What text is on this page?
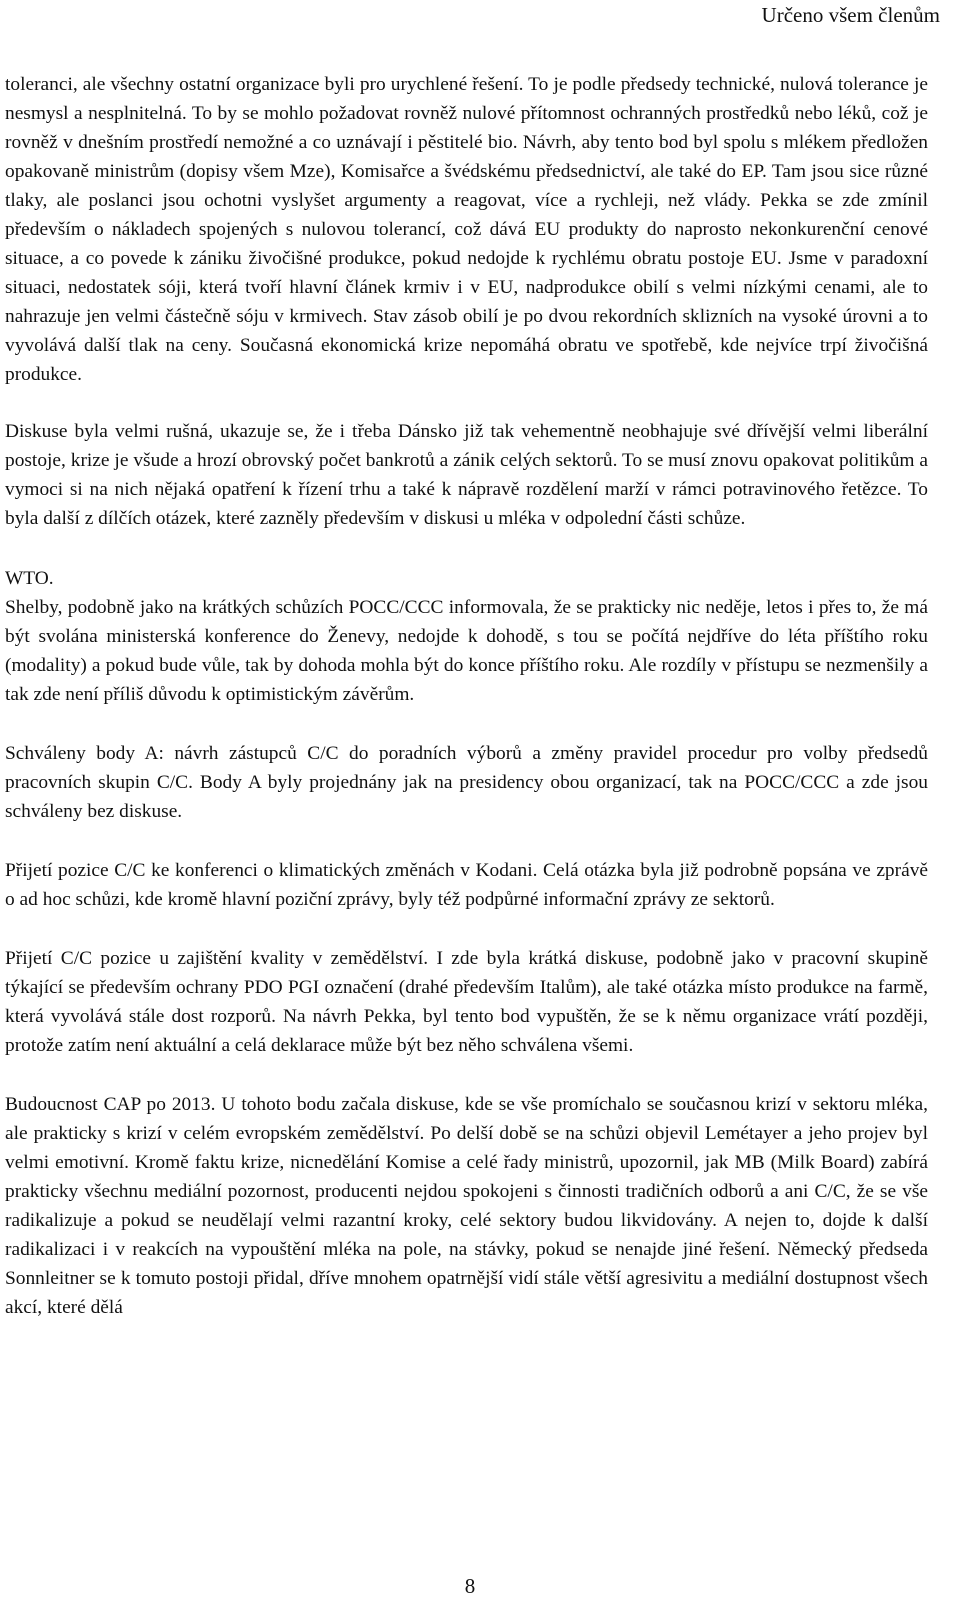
Určeno všem členům

toleranci, ale všechny ostatní organizace byli pro urychlené řešení. To je podle předsedy technické, nulová tolerance je nesmysl a nesplnitelná. To by se mohlo požadovat rovněž nulové přítomnost ochranných prostředků nebo léků, což je rovněž v dnešním prostředí nemožné a co uznávají i pěstitelé bio. Návrh, aby tento bod byl spolu s mlékem předložen opakovaně ministrům (dopisy všem Mze), Komisařce a švédskému předsednictví, ale také do EP. Tam jsou sice různé tlaky, ale poslanci jsou ochotni vyslyšet argumenty a reagovat, více a rychleji, než vlády. Pekka se zde zmínil především o nákladech spojených s nulovou tolerancí, což dává EU produkty do naprosto nekonkurenční cenové situace, a co povede k zániku živočišné produkce, pokud nedojde k rychlému obratu postoje EU. Jsme v paradoxní situaci, nedostatek sóji, která tvoří hlavní článek krmiv i v EU, nadprodukce obilí s velmi nízkými cenami, ale to nahrazuje jen velmi částečně sóju v krmivech. Stav zásob obilí je po dvou rekordních sklizních na vysoké úrovni a to vyvolává další tlak na ceny. Současná ekonomická krize nepomáhá obratu ve spotřebě, kde nejvíce trpí živočišná produkce.

Diskuse byla velmi rušná, ukazuje se, že i třeba Dánsko již tak vehementně neobhajuje své dřívější velmi liberální postoje, krize je všude a hrozí obrovský počet bankrotů a zánik celých sektorů. To se musí znovu opakovat politikům a vymoci si na nich nějaká opatření k řízení trhu a také k nápravě rozdělení marží v rámci potravinového řetězce. To byla další z dílčích otázek, které zazněly především v diskusi u mléka v odpolední části schůze.

WTO.

Shelby, podobně jako na krátkých schůzích POCC/CCC informovala, že se prakticky nic neděje, letos i přes to, že má být svolána ministerská konference do Ženevy, nedojde k dohodě, s tou se počítá nejdříve do léta příštího roku (modality) a pokud bude vůle, tak by dohoda mohla být do konce příštího roku. Ale rozdíly v přístupu se nezmenšily a tak zde není příliš důvodu k optimistickým závěrům.

Schváleny body A: návrh zástupců C/C do poradních výborů a změny pravidel procedur pro volby předsedů pracovních skupin C/C. Body A byly projednány jak na presidency obou organizací, tak na POCC/CCC a zde jsou schváleny bez diskuse.

Přijetí pozice C/C ke konferenci o klimatických změnách v Kodani. Celá otázka byla již podrobně popsána ve zprávě o ad hoc schůzi, kde kromě hlavní poziční zprávy, byly též podpůrné informační zprávy ze sektorů.

Přijetí C/C pozice u zajištění kvality v zemědělství. I zde byla krátká diskuse, podobně jako v pracovní skupině týkající se především ochrany PDO PGI označení (drahé především Italům), ale také otázka místo produkce na farmě, která vyvolává stále dost rozporů. Na návrh Pekka, byl tento bod vypuštěn, že se k němu organizace vrátí později, protože zatím není aktuální a celá deklarace může být bez něho schválena všemi.

Budoucnost CAP po 2013. U tohoto bodu začala diskuse, kde se vše promíchalo se současnou krizí v sektoru mléka, ale prakticky s krizí v celém evropském zemědělství. Po delší době se na schůzi objevil Lemétayer a jeho projev byl velmi emotivní. Kromě faktu krize, nicnedělání Komise a celé řady ministrů, upozornil, jak MB (Milk Board) zabírá prakticky všechnu mediální pozornost, producenti nejdou spokojeni s činnosti tradičních odborů a ani C/C, že se vše radikalizuje a pokud se neudělají velmi razantní kroky, celé sektory budou likvidovány. A nejen to, dojde k další radikalizaci i v reakcích na vypouštění mléka na pole, na stávky, pokud se nenajde jiné řešení. Německý předseda Sonnleitner se k tomuto postoji přidal, dříve mnohem opatrnější vidí stále větší agresivitu a mediální dostupnost všech akcí, které dělá

8
